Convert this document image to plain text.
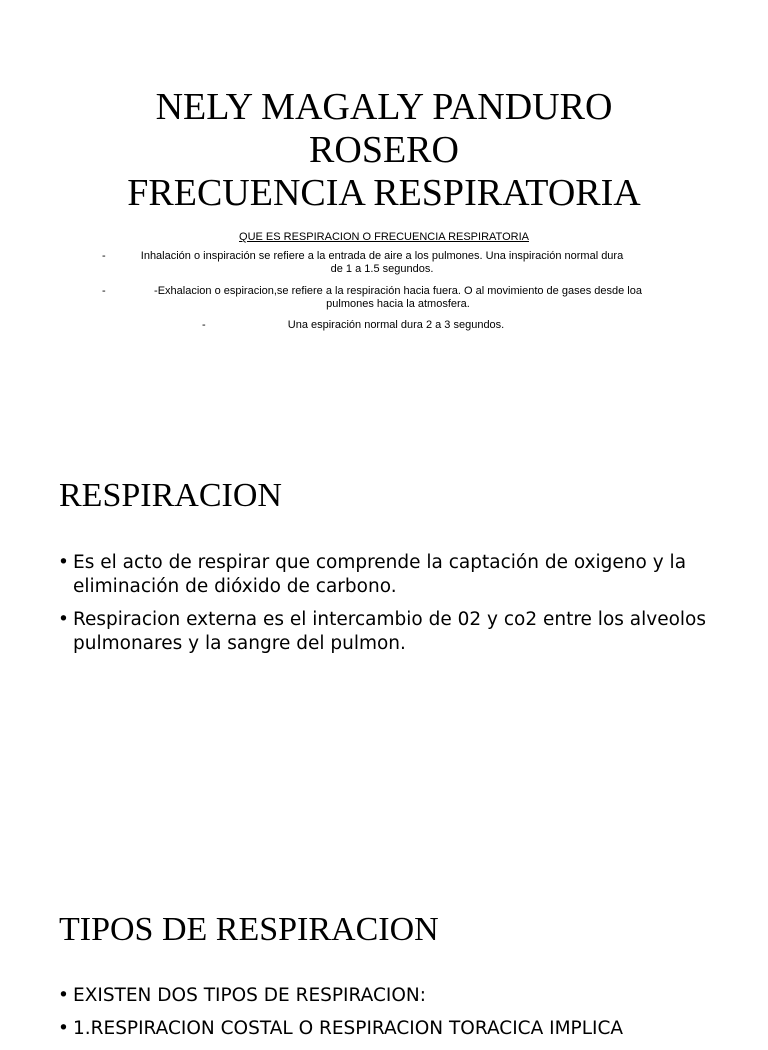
NELY MAGALY PANDURO
ROSERO
FRECUENCIA RESPIRATORIA
QUE ES RESPIRACION O FRECUENCIA RESPIRATORIA
-	Inhalación o inspiración se refiere a la entrada de aire a los pulmones. Una inspiración normal dura
de 1 a 1.5 segundos.
-	-Exhalacion o espiracion,se refiere a la respiración hacia fuera. O al movimiento de gases desde loa
pulmones hacia la atmosfera.
-	Una espiración normal dura 2 a 3 segundos.
RESPIRACION
• Es el acto de respirar que comprende la captación de oxigeno y la eliminación de dióxido de carbono.
• Respiracion externa es el intercambio de 02 y co2 entre los alveolos pulmonares y la sangre del pulmon.
TIPOS DE RESPIRACION
• EXISTEN DOS TIPOS DE RESPIRACION:
• 1.RESPIRACION COSTAL O RESPIRACION TORACICA IMPLICA
